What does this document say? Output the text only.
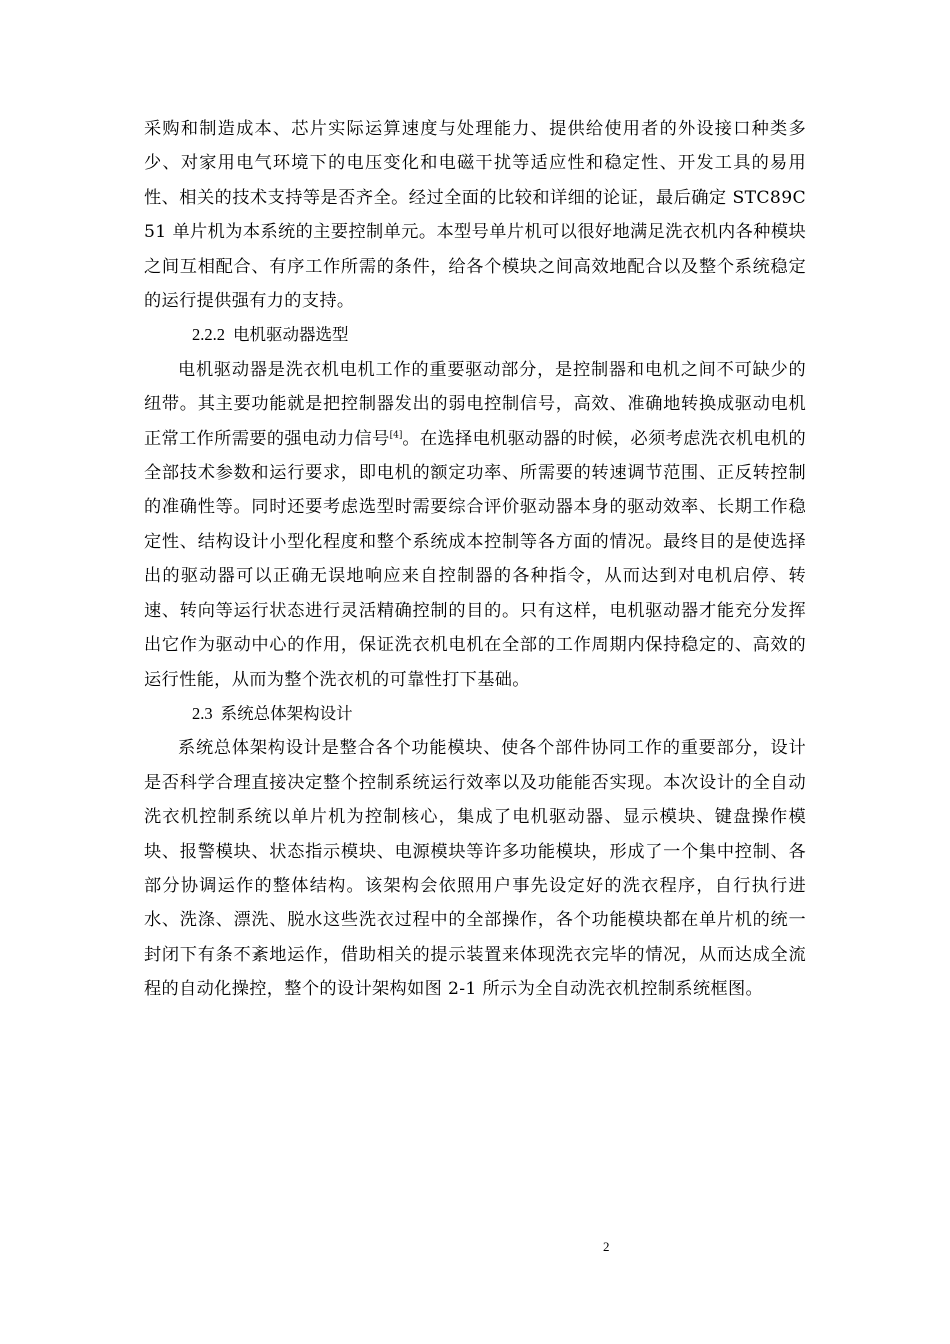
采购和制造成本、芯片实际运算速度与处理能力、提供给使用者的外设接口种类多少、对家用电气环境下的电压变化和电磁干扰等适应性和稳定性、开发工具的易用性、相关的技术支持等是否齐全。经过全面的比较和详细的论证，最后确定 STC89C51 单片机为本系统的主要控制单元。本型号单片机可以很好地满足洗衣机内各种模块之间互相配合、有序工作所需的条件，给各个模块之间高效地配合以及整个系统稳定的运行提供强有力的支持。

2.2.2 电机驱动器选型

电机驱动器是洗衣机电机工作的重要驱动部分，是控制器和电机之间不可缺少的纽带。其主要功能就是把控制器发出的弱电控制信号，高效、准确地转换成驱动电机正常工作所需要的强电动力信号[4]。在选择电机驱动器的时候，必须考虑洗衣机电机的全部技术参数和运行要求，即电机的额定功率、所需要的转速调节范围、正反转控制的准确性等。同时还要考虑选型时需要综合评价驱动器本身的驱动效率、长期工作稳定性、结构设计小型化程度和整个系统成本控制等各方面的情况。最终目的是使选择出的驱动器可以正确无误地响应来自控制器的各种指令，从而达到对电机启停、转速、转向等运行状态进行灵活精确控制的目的。只有这样，电机驱动器才能充分发挥出它作为驱动中心的作用，保证洗衣机电机在全部的工作周期内保持稳定的、高效的运行性能，从而为整个洗衣机的可靠性打下基础。

2.3 系统总体架构设计

系统总体架构设计是整合各个功能模块、使各个部件协同工作的重要部分，设计是否科学合理直接决定整个控制系统运行效率以及功能能否实现。本次设计的全自动洗衣机控制系统以单片机为控制核心，集成了电机驱动器、显示模块、键盘操作模块、报警模块、状态指示模块、电源模块等许多功能模块，形成了一个集中控制、各部分协调运作的整体结构。该架构会依照用户事先设定好的洗衣程序，自行执行进水、洗涤、漂洗、脱水这些洗衣过程中的全部操作，各个功能模块都在单片机的统一封闭下有条不紊地运作，借助相关的提示装置来体现洗衣完毕的情况，从而达成全流程的自动化操控，整个的设计架构如图 2-1 所示为全自动洗衣机控制系统框图。

2
